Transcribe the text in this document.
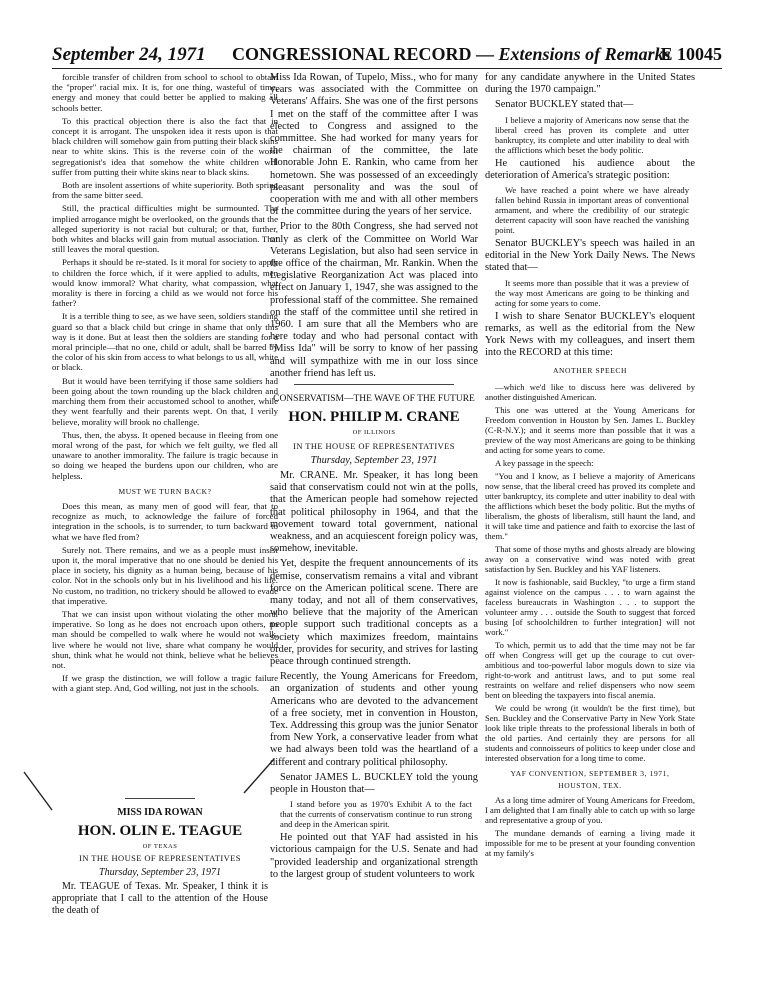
September 24, 1971 CONGRESSIONAL RECORD — Extensions of Remarks
E 10045

forcible transfer of children from school to school to obtain the "proper" racial mix. It is, for one thing, wasteful of time, energy and money that could better be applied to making all schools better.

To this practical objection there is also the fact that in concept it is arrogant. The unspoken idea it rests upon is that black children will somehow gain from putting their black skins near to white skins. This is the reverse coin of the worst segregationist's idea that somehow the white children will suffer from putting their white skins near to black skins.

Both are insolent assertions of white superiority. Both spring from the same bitter seed.

Still, the practical difficulties might be surmounted. The implied arrogance might be overlooked, on the grounds that the alleged superiority is not racial but cultural; or that, further, both whites and blacks will gain from mutual association. That still leaves the moral question.

Perhaps it should be re-stated. Is it moral for society to apply to children the force which, if it were applied to adults, men would know immoral? What charity, what compassion, what morality is there in forcing a child as we would not force his father?

It is a terrible thing to see, as we have seen, soldiers standing guard so that a black child but cringe in shame that only this way is it done. But at least then the soldiers are standing for a moral principle—that no one, child or adult, shall be barred by the color of his skin from access to what belongs to us all, white or black.

But it would have been terrifying if those same soldiers had been going about the town rounding up the black children and marching them from their accustomed school to another, while they went fearfully and their parents wept. On that, I verily believe, morality will brook no challenge.

Thus, then, the abyss. It opened because in fleeing from one moral wrong of the past, for which we felt guilty, we fled all unaware to another immorality. The failure is tragic because in so doing we heaped the burdens upon our children, who are helpless.

MUST WE TURN BACK?

Does this mean, as many men of good will fear, that to recognize as much, to acknowledge the failure of forced integration in the schools, is to surrender, to turn backward to what we have fled from?

Surely not. There remains, and we as a people must insist upon it, the moral imperative that no one should be denied his place in society, his dignity as a human being, because of his color. Not in the schools only but in his livelihood and his life. No custom, no tradition, no trickery should be allowed to evade that imperative.

That we can insist upon without violating the other moral imperative. So long as he does not encroach upon others, no man should be compelled to walk where he would not walk, live where he would not live, share what company he would shun, think what he would not think, believe what he believes not.

If we grasp the distinction, we will follow a tragic failure with a giant step. And, God willing, not just in the schools.

MISS IDA ROWAN

HON. OLIN E. TEAGUE

OF TEXAS

IN THE HOUSE OF REPRESENTATIVES

Thursday, September 23, 1971

Mr. TEAGUE of Texas. Mr. Speaker, I think it is appropriate that I call to the attention of the House the death of

Miss Ida Rowan, of Tupelo, Miss., who for many years was associated with the Committee on Veterans' Affairs. She was one of the first persons I met on the staff of the committee after I was elected to Congress and assigned to the committee. She had worked for many years for the chairman of the committee, the late Honorable John E. Rankin, who came from her hometown. She was possessed of an exceedingly pleasant personality and was the soul of cooperation with me and with all other members of the committee during the years of her service.

Prior to the 80th Congress, she had served not only as clerk of the Committee on World War Veterans Legislation, but also had seen service in the office of the chairman, Mr. Rankin. When the Legislative Reorganization Act was placed into effect on January 1, 1947, she was assigned to the professional staff of the committee. She remained on the staff of the committee until she retired in 1960. I am sure that all the Members who are here today and who had personal contact with "Miss Ida" will be sorry to know of her passing and will sympathize with me in our loss since another friend has left us.

CONSERVATISM—THE WAVE OF THE FUTURE

HON. PHILIP M. CRANE

OF ILLINOIS

IN THE HOUSE OF REPRESENTATIVES

Thursday, September 23, 1971

Mr. CRANE. Mr. Speaker, it has long been said that conservatism could not win at the polls, that the American people had somehow rejected that political philosophy in 1964, and that the movement toward total government, national weakness, and an acquiescent foreign policy was, somehow, inevitable.

Yet, despite the frequent announcements of its demise, conservatism remains a vital and vibrant force on the American political scene. There are many today, and not all of them conservatives, who believe that the majority of the American people support such traditional concepts as a society which maximizes freedom, maintains order, provides for security, and strives for lasting peace through continued strength.

Recently, the Young Americans for Freedom, an organization of students and other young Americans who are devoted to the advancement of a free society, met in convention in Houston, Tex. Addressing this group was the junior Senator from New York, a conservative leader from what we had always been told was the heartland of a different and contrary political philosophy.

Senator JAMES L. BUCKLEY told the young people in Houston that—

I stand before you as 1970's Exhibit A to the fact that the currents of conservatism continue to run strong and deep in the American spirit.

He pointed out that YAF had assisted in his victorious campaign for the U.S. Senate and had "provided leadership and organizational strength to the largest group of student volunteers to work

for any candidate anywhere in the United States during the 1970 campaign."

Senator BUCKLEY stated that—

I believe a majority of Americans now sense that the liberal creed has proven its complete and utter bankruptcy, its complete and utter inability to deal with the afflictions which beset the body politic.

He cautioned his audience about the deterioration of America's strategic position:

We have reached a point where we have already fallen behind Russia in important areas of conventional armament, and where the credibility of our strategic deterrent capacity will soon have reached the vanishing point.

Senator BUCKLEY's speech was hailed in an editorial in the New York Daily News. The News stated that—

It seems more than possible that it was a preview of the way most Americans are going to be thinking and acting for some years to come.

I wish to share Senator BUCKLEY's eloquent remarks, as well as the editorial from the New York News with my colleagues, and insert them into the RECORD at this time:

ANOTHER SPEECH

—which we'd like to discuss here was delivered by another distinguished American.

This one was uttered at the Young Americans for Freedom convention in Houston by Sen. James L. Buckley (C-R-N.Y.); and it seems more than possible that it was a preview of the way most Americans are going to be thinking and acting for some years to come.

A key passage in the speech:

"You and I know, as I believe a majority of Americans now sense, that the liberal creed has proved its complete and utter bankruptcy, its complete and utter inability to deal with the afflictions which beset the body politic. But the myths of liberalism, the ghosts of liberalism, still haunt the land, and it will take time and patience and faith to exorcise the last of them."

That some of those myths and ghosts already are blowing away on a conservative wind was noted with great satisfaction by Sen. Buckley and his YAF listeners.

It now is fashionable, said Buckley, "to urge a firm stand against violence on the campus . . . to warn against the faceless bureaucrats in Washington . . . to support the volunteer army . . . outside the South to suggest that forced busing [of schoolchildren to further integration] will not work."

To which, permit us to add that the time may not be far off when Congress will get up the courage to cut over-ambitious and too-powerful labor moguls down to size via right-to-work and antitrust laws, and to put some real restraints on welfare and relief dispensers who now seem bent on bleeding the taxpayers into fiscal anemia.

We could be wrong (it wouldn't be the first time), but Sen. Buckley and the Conservative Party in New York State look like triple threats to the professional liberals in both of the old parties. And certainly they are persons for all students and connoisseurs of politics to keep under close and interested observation for a long time to come.

YAF CONVENTION, SEPTEMBER 3, 1971,

HOUSTON, TEX.

As a long time admirer of Young Americans for Freedom, I am delighted that I am finally able to catch up with so large and representative a group of you.

The mundane demands of earning a living made it impossible for me to be present at your founding convention at my family's
